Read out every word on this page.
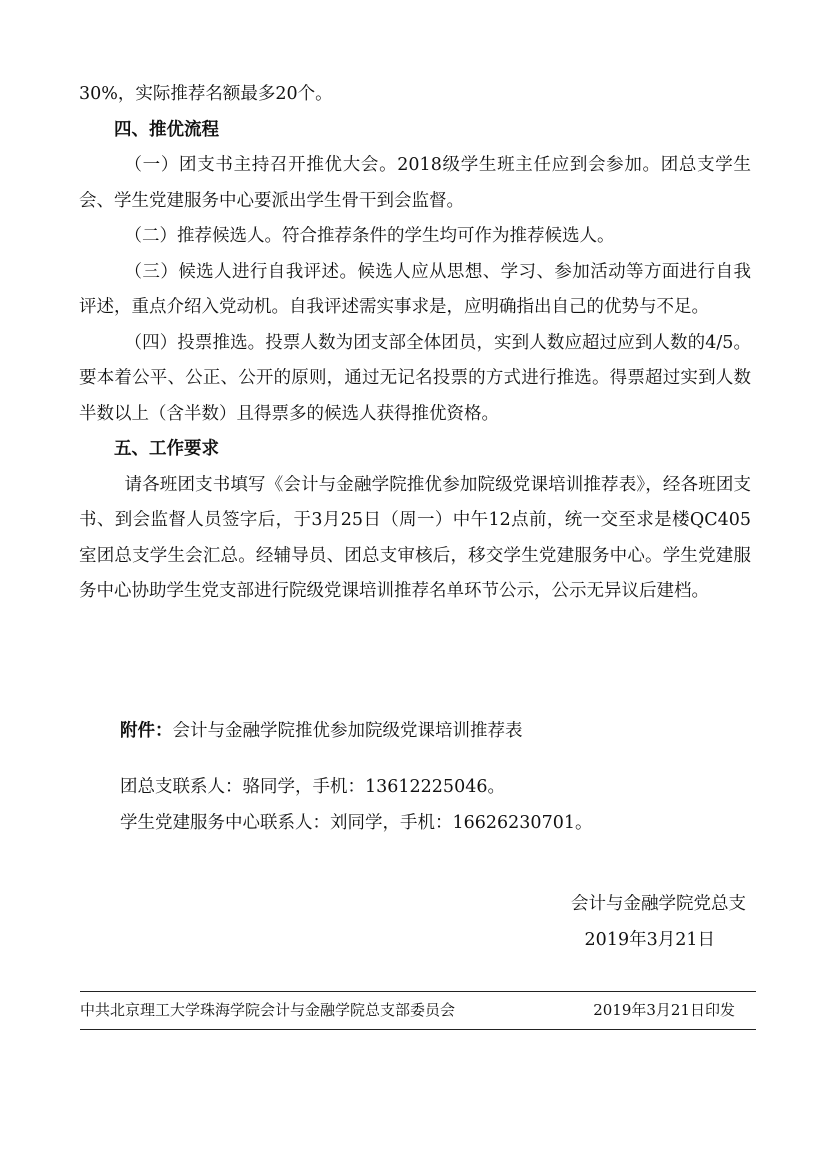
30%，实际推荐名额最多20个。

四、推优流程

（一）团支书主持召开推优大会。2018级学生班主任应到会参加。团总支学生会、学生党建服务中心要派出学生骨干到会监督。

（二）推荐候选人。符合推荐条件的学生均可作为推荐候选人。

（三）候选人进行自我评述。候选人应从思想、学习、参加活动等方面进行自我评述，重点介绍入党动机。自我评述需实事求是，应明确指出自己的优势与不足。

（四）投票推选。投票人数为团支部全体团员，实到人数应超过应到人数的4/5。要本着公平、公正、公开的原则，通过无记名投票的方式进行推选。得票超过实到人数半数以上（含半数）且得票多的候选人获得推优资格。

五、工作要求

请各班团支书填写《会计与金融学院推优参加院级党课培训推荐表》，经各班团支书、到会监督人员签字后，于3月25日（周一）中午12点前，统一交至求是楼QC405室团总支学生会汇总。经辅导员、团总支审核后，移交学生党建服务中心。学生党建服务中心协助学生党支部进行院级党课培训推荐名单环节公示，公示无异议后建档。

附件：会计与金融学院推优参加院级党课培训推荐表

团总支联系人：骆同学，手机：13612225046。

学生党建服务中心联系人：刘同学，手机：16626230701。

会计与金融学院党总支
2019年3月21日
中共北京理工大学珠海学院会计与金融学院总支部委员会	2019年3月21日印发
